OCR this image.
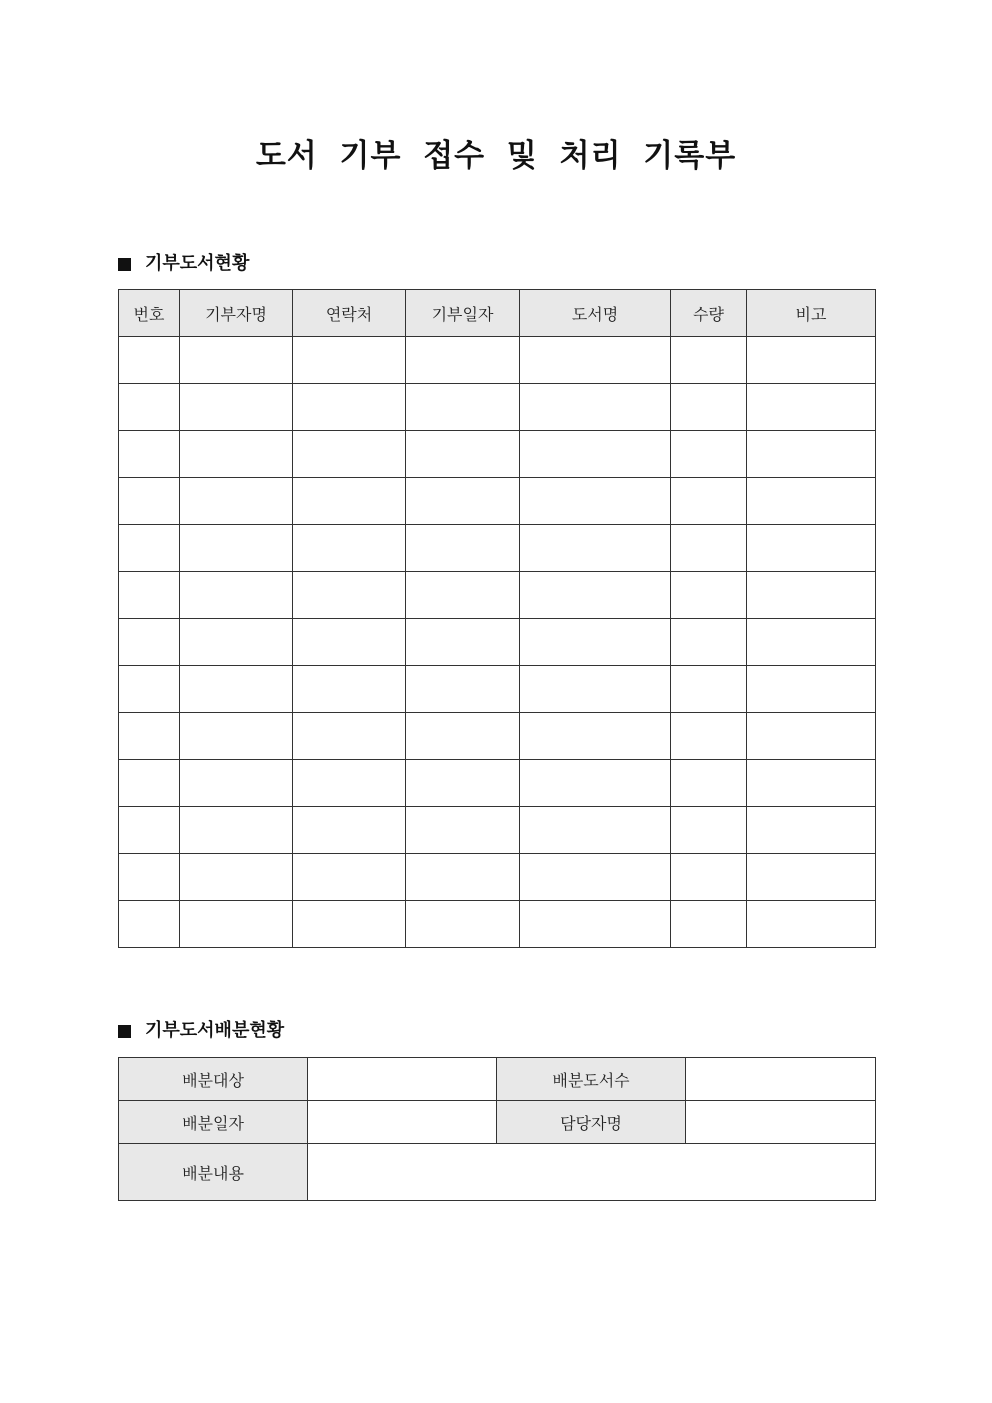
도서 기부 접수 및 처리 기록부
기부도서현황
번호	기부자명	연락처	기부일자	도서명	수량	비고

기부도서배분현황
배분대상		배분도서수	
배분일자		담당자명	
배분내용			
